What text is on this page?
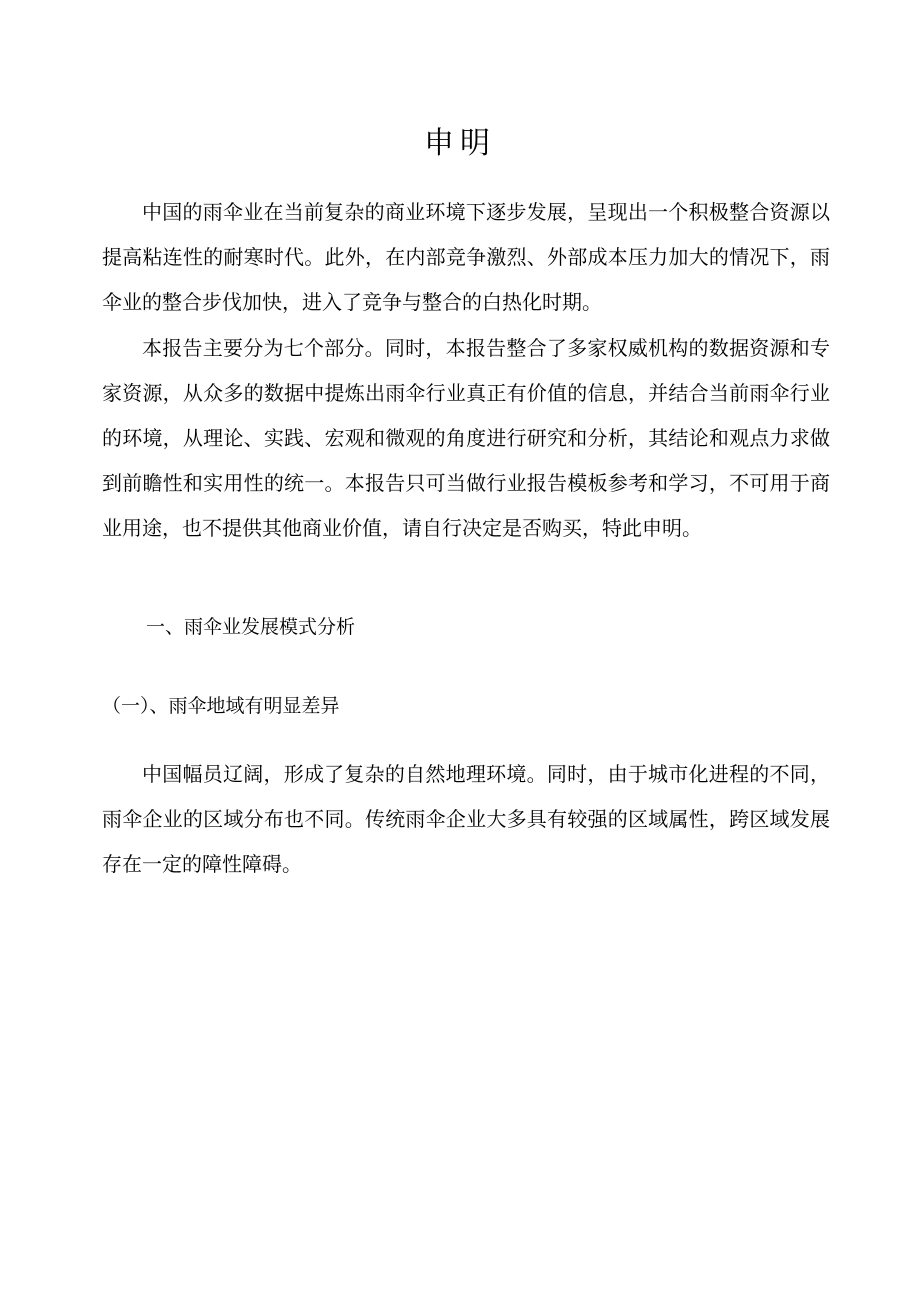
申明

中国的雨伞业在当前复杂的商业环境下逐步发展，呈现出一个积极整合资源以提高粘连性的耐寒时代。此外，在内部竞争激烈、外部成本压力加大的情况下，雨伞业的整合步伐加快，进入了竞争与整合的白热化时期。

本报告主要分为七个部分。同时，本报告整合了多家权威机构的数据资源和专家资源，从众多的数据中提炼出雨伞行业真正有价值的信息，并结合当前雨伞行业的环境，从理论、实践、宏观和微观的角度进行研究和分析，其结论和观点力求做到前瞻性和实用性的统一。本报告只可当做行业报告模板参考和学习，不可用于商业用途，也不提供其他商业价值，请自行决定是否购买，特此申明。

一、雨伞业发展模式分析
（一）、雨伞地域有明显差异

中国幅员辽阔，形成了复杂的自然地理环境。同时，由于城市化进程的不同，雨伞企业的区域分布也不同。传统雨伞企业大多具有较强的区域属性，跨区域发展存在一定的障性障碍。
